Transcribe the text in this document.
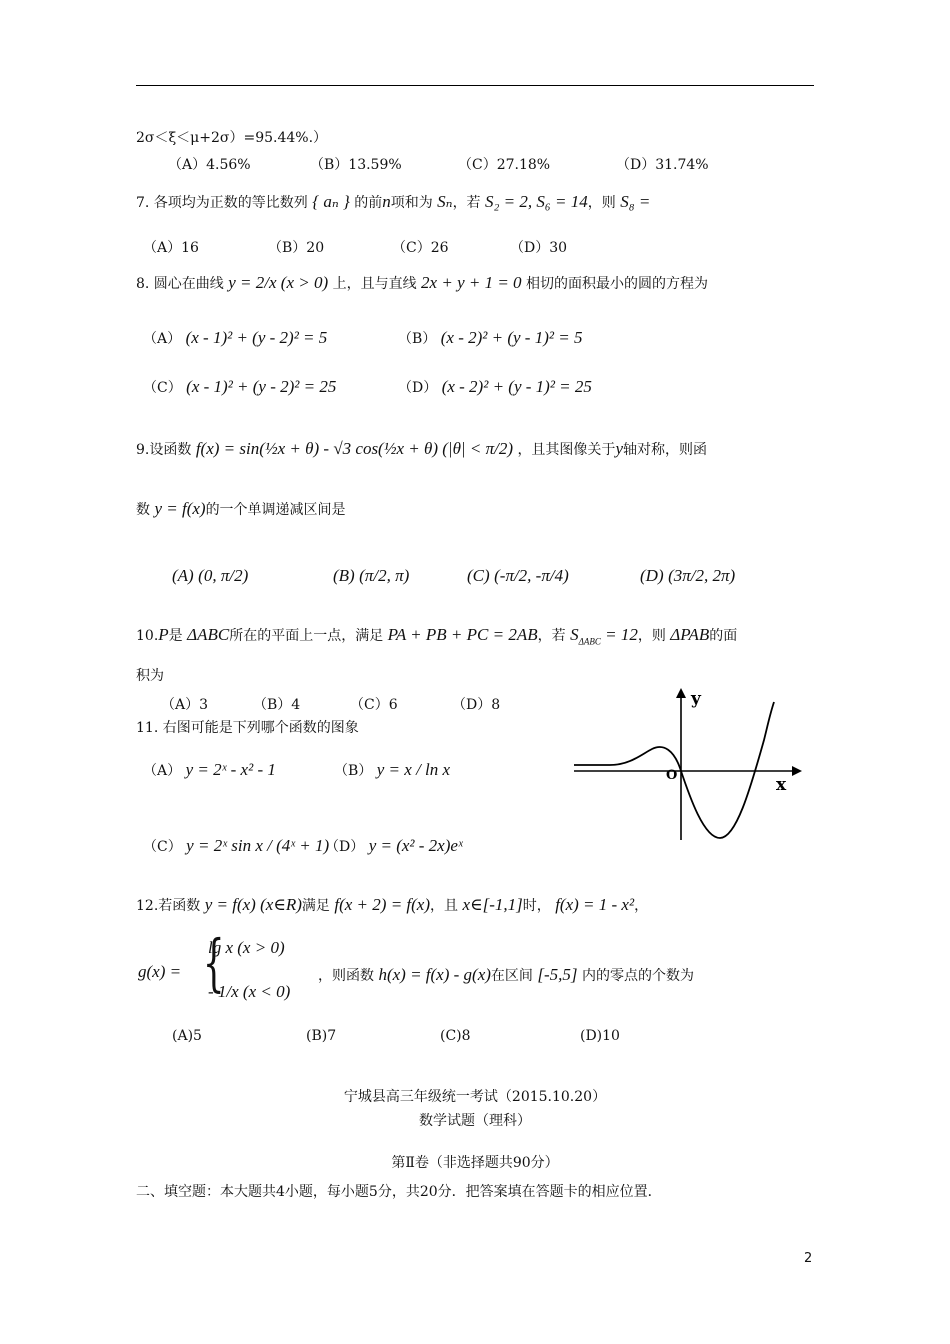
2σ＜ξ＜μ+2σ）=95.44%.）
（A）4.56%	（B）13.59%	（C）27.18%	（D）31.74%
7. 各项均为正数的等比数列 { aₙ } 的前n项和为 Sₙ，若 S₂ = 2, S₆ = 14，则 S₈ =
（A）16	（B）20	（C）26	（D）30
8. 圆心在曲线 y = 2/x (x > 0) 上，且与直线 2x + y + 1 = 0 相切的面积最小的圆的方程为
（A） (x - 1)² + (y - 2)² = 5	（B） (x - 2)² + (y - 1)² = 5
（C） (x - 1)² + (y - 2)² = 25	（D） (x - 2)² + (y - 1)² = 25
9.设函数 f(x) = sin(½x + θ) - √3 cos(½x + θ) (|θ| < π/2) ，且其图像关于y轴对称，则函
数 y = f(x)的一个单调递减区间是
(A) (0, π/2)	(B) (π/2, π)	(C) (-π/2, -π/4)	(D) (3π/2, 2π)
10.P是 ΔABC所在的平面上一点，满足 PA + PB + PC = 2AB，若 $S_{\Delta ABC} = 12$，则 ΔPAB的面
积为
（A）3	（B）4	（C）6	（D）8
11. 右图可能是下列哪个函数的图象
（A） y = 2ˣ - x² - 1	（B） y = x / ln x
（C） y = 2ˣ sin x / (4ˣ + 1)
（D） y = (x² - 2x)eˣ
y
x
O
12.若函数 y = f(x) (x∈R)满足 f(x + 2) = f(x)，且 x∈[-1,1]时， f(x) = 1 - x²，
g(x) = {
lg x (x > 0)
- 1/x (x < 0)
，则函数 h(x) = f(x) - g(x)在区间 [-5,5] 内的零点的个数为
(A)5	(B)7	(C)8	(D)10
宁城县高三年级统一考试（2015.10.20）
数学试题（理科）
第Ⅱ卷（非选择题共90分）
二、填空题：本大题共4小题，每小题5分，共20分．把答案填在答题卡的相应位置．
2
